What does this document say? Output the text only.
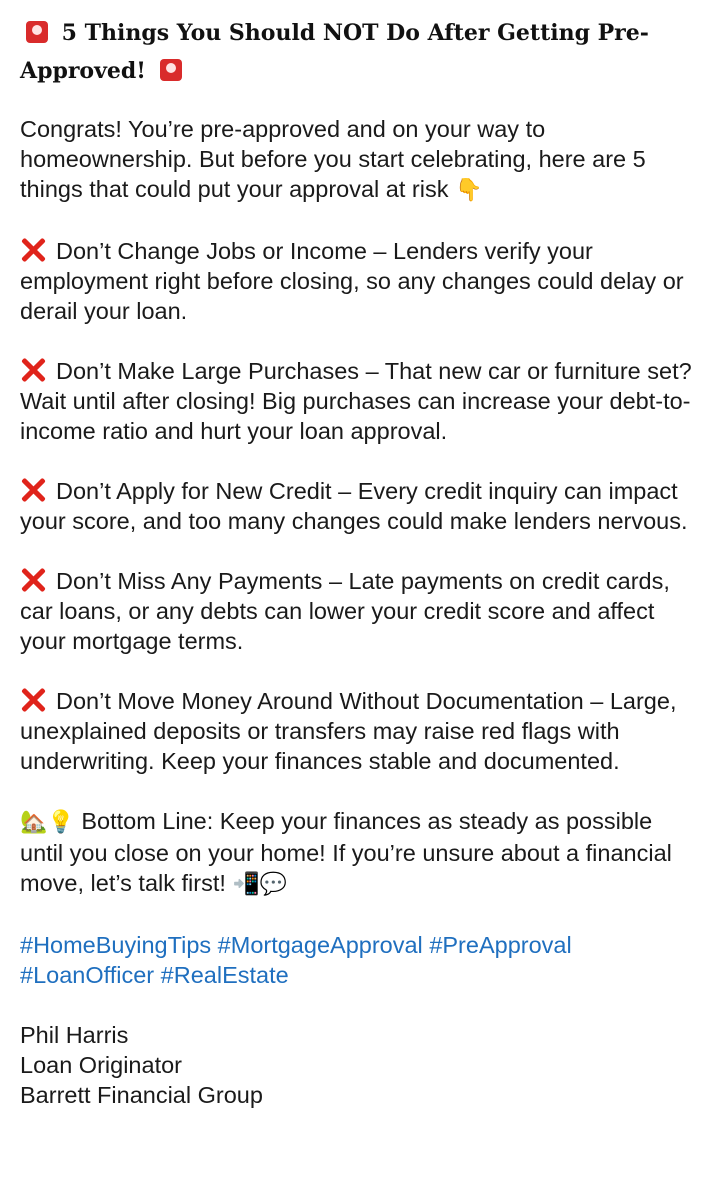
5 Things You Should NOT Do After Getting Pre-Approved!

Congrats! You’re pre-approved and on your way to homeownership. But before you start celebrating, here are 5 things that could put your approval at risk 👇

Don’t Change Jobs or Income – Lenders verify your employment right before closing, so any changes could delay or derail your loan.

Don’t Make Large Purchases – That new car or furniture set? Wait until after closing! Big purchases can increase your debt-to-income ratio and hurt your loan approval.

Don’t Apply for New Credit – Every credit inquiry can impact your score, and too many changes could make lenders nervous.

Don’t Miss Any Payments – Late payments on credit cards, car loans, or any debts can lower your credit score and affect your mortgage terms.

Don’t Move Money Around Without Documentation – Large, unexplained deposits or transfers may raise red flags with underwriting. Keep your finances stable and documented.

🏡💡 Bottom Line: Keep your finances as steady as possible until you close on your home! If you’re unsure about a financial move, let’s talk first! 📲💬

#HomeBuyingTips #MortgageApproval #PreApproval #LoanOfficer #RealEstate

Phil Harris

Loan Originator

Barrett Financial Group
